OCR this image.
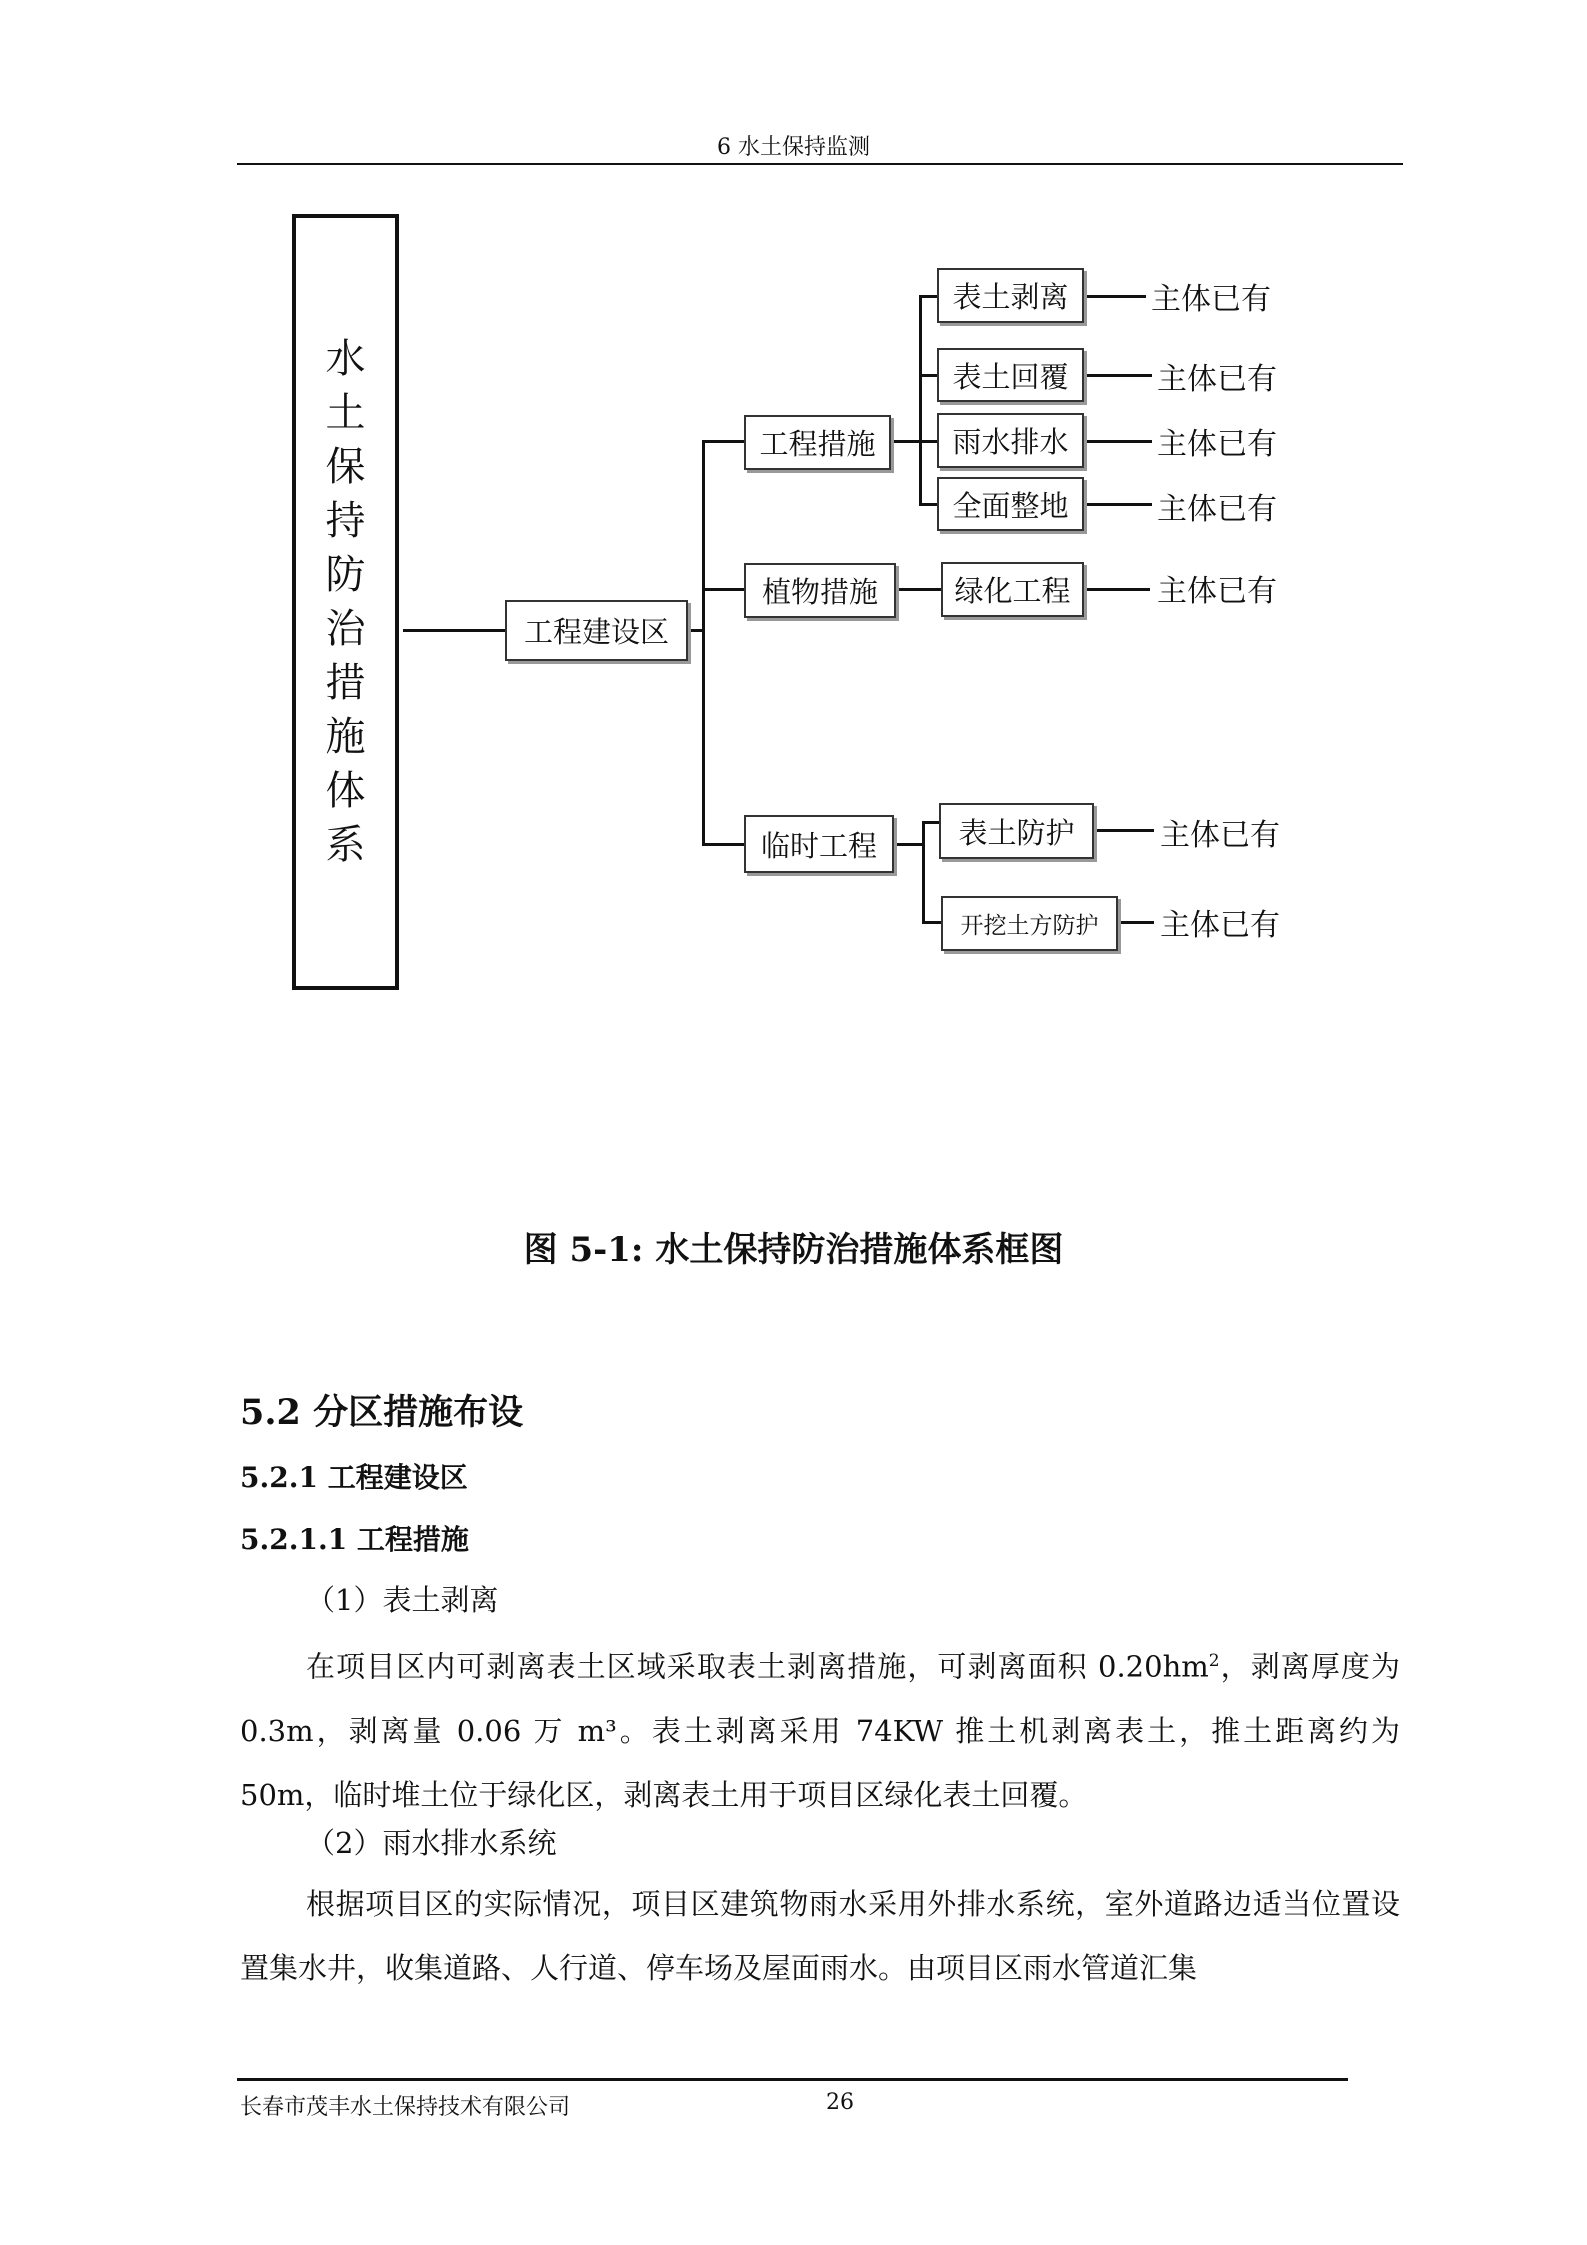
6 水土保持监测
水
土
保
持
防
治
措
施
体
系
工程建设区
工程措施
植物措施
临时工程
表土剥离
表土回覆
雨水排水
全面整地
绿化工程
表土防护
开挖土方防护
主体已有
主体已有
主体已有
主体已有
主体已有
主体已有
主体已有
图 5-1: 水土保持防治措施体系框图
5.2 分区措施布设
5.2.1 工程建设区
5.2.1.1 工程措施
（1）表土剥离
在项目区内可剥离表土区域采取表土剥离措施，可剥离面积 $0.20hm^2$，剥离厚度为 0.3m，剥离量 0.06 万 m³。表土剥离采用 74KW 推土机剥离表土，推土距离约为 50m，临时堆土位于绿化区，剥离表土用于项目区绿化表土回覆。
（2）雨水排水系统
根据项目区的实际情况，项目区建筑物雨水采用外排水系统，室外道路边适当位置设置集水井，收集道路、人行道、停车场及屋面雨水。由项目区雨水管道汇集
长春市茂丰水土保持技术有限公司	26
